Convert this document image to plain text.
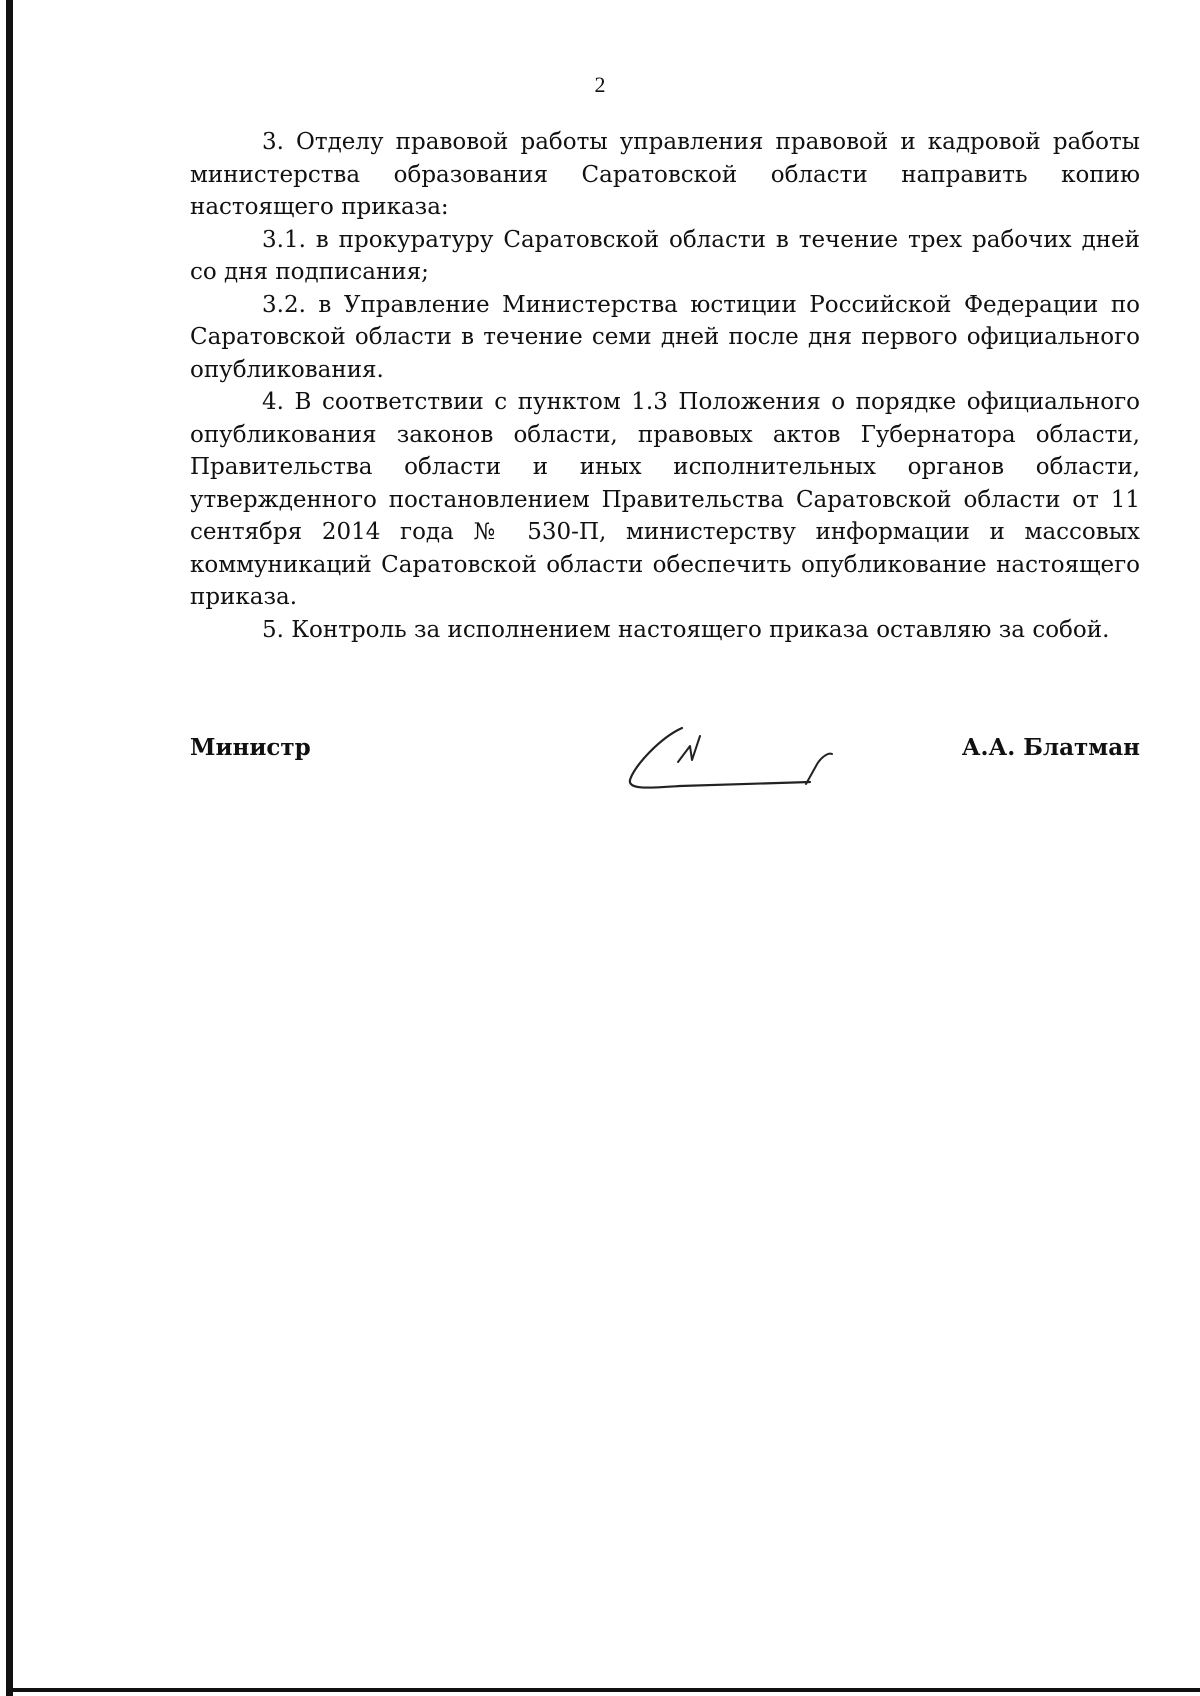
2

3. Отделу правовой работы управления правовой и кадровой работы министерства образования Саратовской области направить копию настоящего приказа:

3.1. в прокуратуру Саратовской области в течение трех рабочих дней со дня подписания;

3.2. в Управление Министерства юстиции Российской Федерации по Саратовской области в течение семи дней после дня первого официального опубликования.

4. В соответствии с пунктом 1.3 Положения о порядке официального опубликования законов области, правовых актов Губернатора области, Правительства области и иных исполнительных органов области, утвержденного постановлением Правительства Саратовской области от 11 сентября 2014 года № 530-П, министерству информации и массовых коммуникаций Саратовской области обеспечить опубликование настоящего приказа.

5. Контроль за исполнением настоящего приказа оставляю за собой.

Министр	А.А. Блатман
